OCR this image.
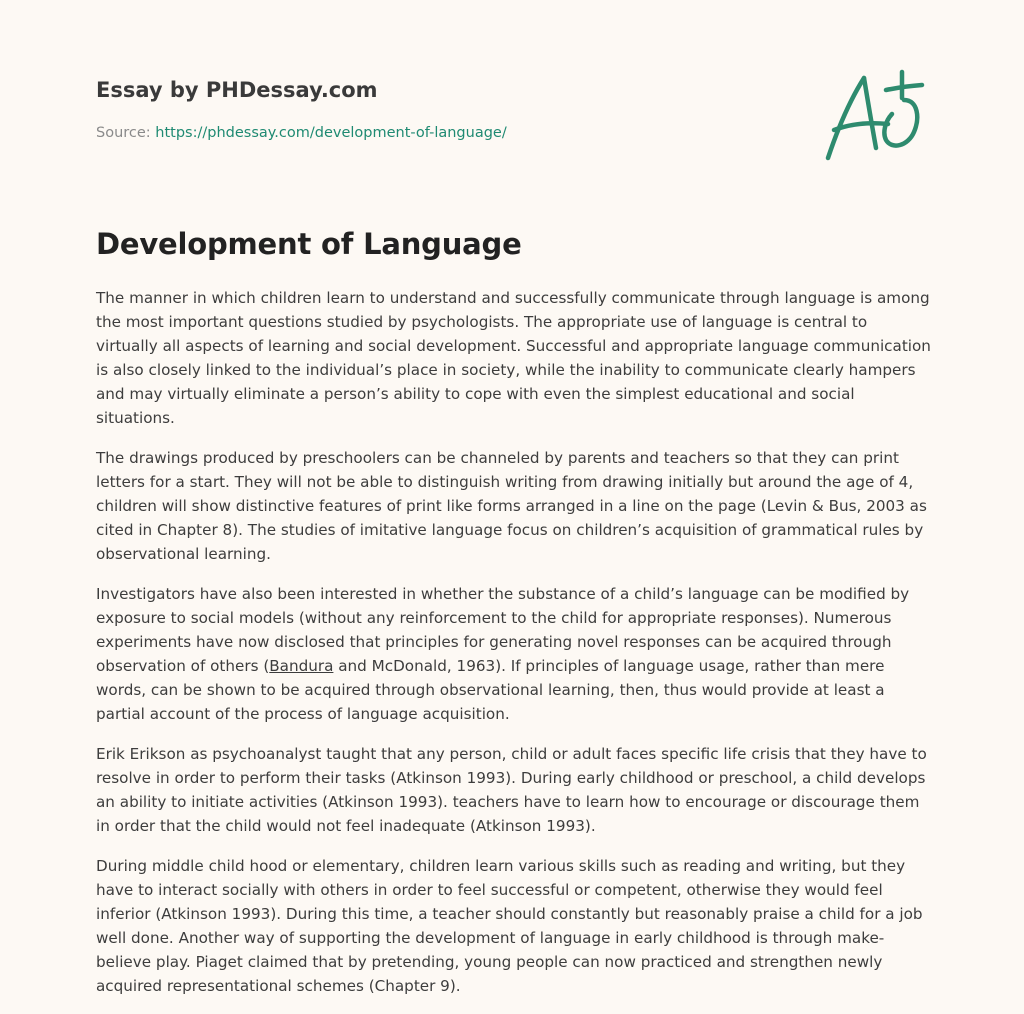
Essay by PHDessay.com
Source: https://phdessay.com/development-of-language/
Development of Language

The manner in which children learn to understand and successfully communicate through language is among the most important questions studied by psychologists. The appropriate use of language is central to virtually all aspects of learning and social development. Successful and appropriate language communication is also closely linked to the individual’s place in society, while the inability to communicate clearly hampers and may virtually eliminate a person’s ability to cope with even the simplest educational and social situations.

The drawings produced by preschoolers can be channeled by parents and teachers so that they can print letters for a start. They will not be able to distinguish writing from drawing initially but around the age of 4, children will show distinctive features of print like forms arranged in a line on the page (Levin & Bus, 2003 as cited in Chapter 8). The studies of imitative language focus on children’s acquisition of grammatical rules by observational learning.

Investigators have also been interested in whether the substance of a child’s language can be modified by exposure to social models (without any reinforcement to the child for appropriate responses). Numerous experiments have now disclosed that principles for generating novel responses can be acquired through observation of others (Bandura and McDonald, 1963). If principles of language usage, rather than mere words, can be shown to be acquired through observational learning, then, thus would provide at least a partial account of the process of language acquisition.

Erik Erikson as psychoanalyst taught that any person, child or adult faces specific life crisis that they have to resolve in order to perform their tasks (Atkinson 1993). During early childhood or preschool, a child develops an ability to initiate activities (Atkinson 1993). teachers have to learn how to encourage or discourage them in order that the child would not feel inadequate (Atkinson 1993).

During middle child hood or elementary, children learn various skills such as reading and writing, but they have to interact socially with others in order to feel successful or competent, otherwise they would feel inferior (Atkinson 1993). During this time, a teacher should constantly but reasonably praise a child for a job well done. Another way of supporting the development of language in early childhood is through make-believe play. Piaget claimed that by pretending, young people can now practiced and strengthen newly acquired representational schemes (Chapter 9).
